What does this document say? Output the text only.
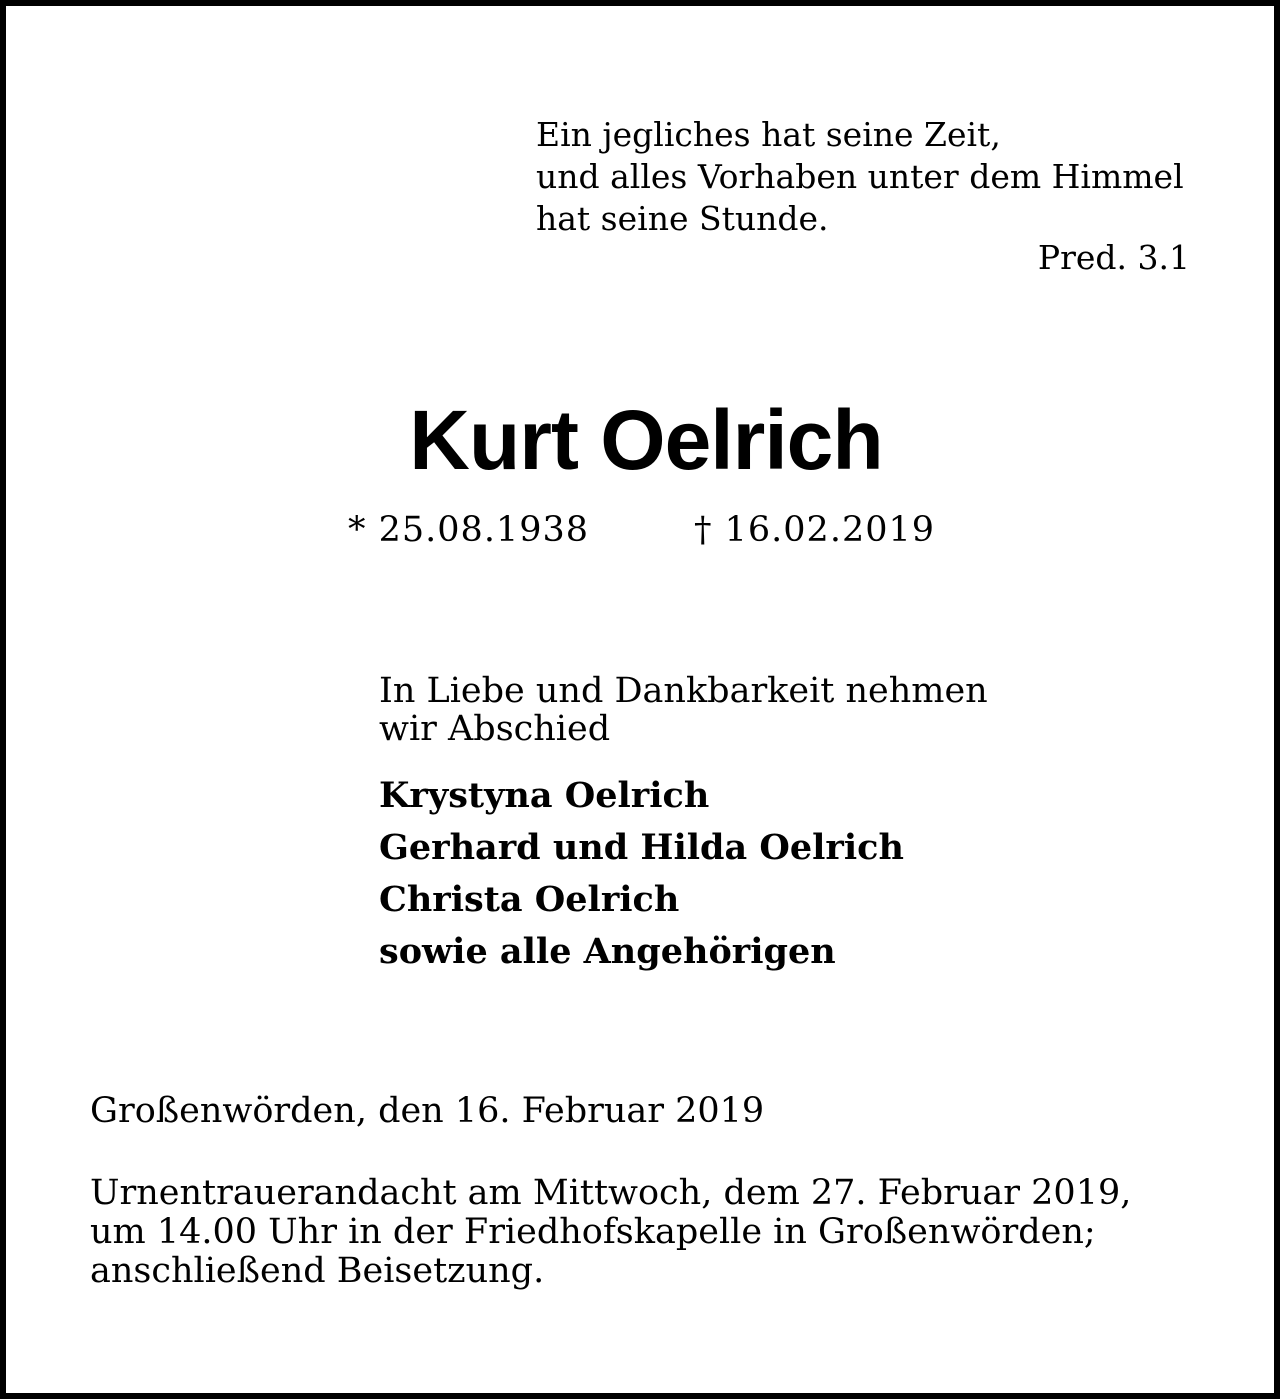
Ein jegliches hat seine Zeit,
und alles Vorhaben unter dem Himmel
hat seine Stunde.
Pred. 3.1
Kurt Oelrich
* 25.08.1938	† 16.02.2019
In Liebe und Dankbarkeit nehmen
wir Abschied
Krystyna Oelrich
Gerhard und Hilda Oelrich
Christa Oelrich
sowie alle Angehörigen
Großenwörden, den 16. Februar 2019
Urnentrauerandacht am Mittwoch, dem 27. Februar 2019,
um 14.00 Uhr in der Friedhofskapelle in Großenwörden;
anschließend Beisetzung.
